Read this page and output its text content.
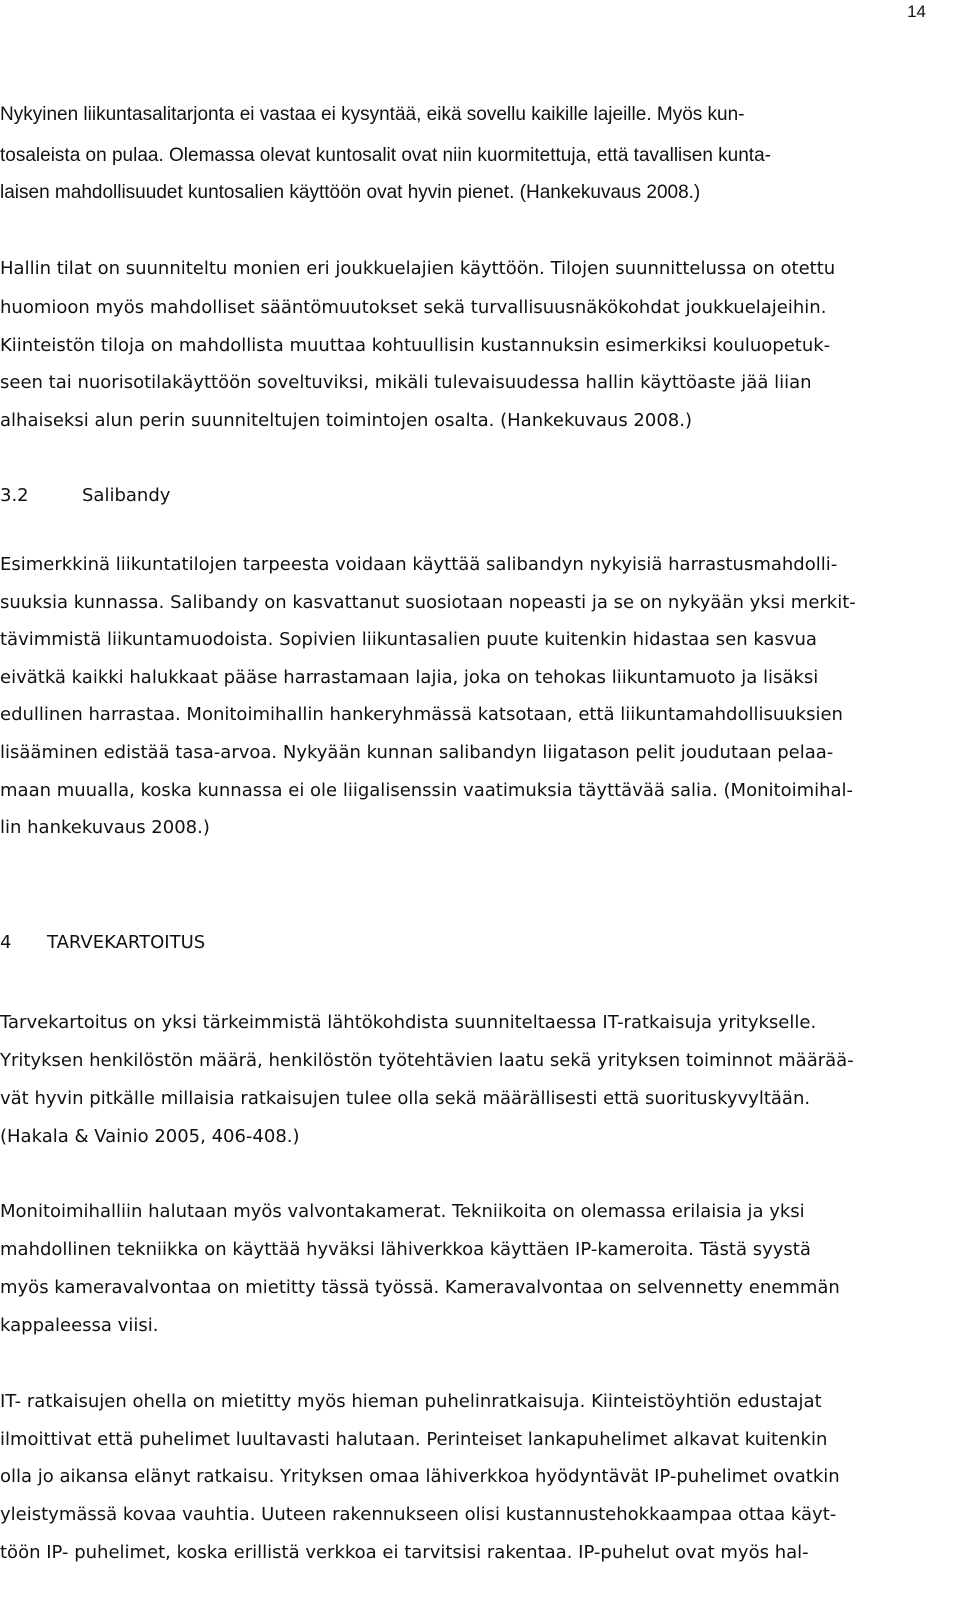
14
Nykyinen liikuntasalitarjonta ei vastaa ei kysyntää, eikä sovellu kaikille lajeille. Myös kun-
tosaleista on pulaa. Olemassa olevat kuntosalit ovat niin kuormitettuja, että tavallisen kunta-
laisen mahdollisuudet kuntosalien käyttöön ovat hyvin pienet. (Hankekuvaus 2008.)
Hallin tilat on suunniteltu monien eri joukkuelajien käyttöön. Tilojen suunnittelussa on otettu
huomioon myös mahdolliset sääntömuutokset sekä turvallisuusnäkökohdat joukkuelajeihin.
Kiinteistön tiloja on mahdollista muuttaa kohtuullisin kustannuksin esimerkiksi kouluopetuk-
seen tai nuorisotilakäyttöön soveltuviksi, mikäli tulevaisuudessa hallin käyttöaste jää liian
alhaiseksi alun perin suunniteltujen toimintojen osalta. (Hankekuvaus 2008.)
3.2	Salibandy
Esimerkkinä liikuntatilojen tarpeesta voidaan käyttää salibandyn nykyisiä harrastusmahdolli-
suuksia kunnassa. Salibandy on kasvattanut suosiotaan nopeasti ja se on nykyään yksi merkit-
tävimmistä liikuntamuodoista. Sopivien liikuntasalien puute kuitenkin hidastaa sen kasvua
eivätkä kaikki halukkaat pääse harrastamaan lajia, joka on tehokas liikuntamuoto ja lisäksi
edullinen harrastaa. Monitoimihallin hankeryhmässä katsotaan, että liikuntamahdollisuuksien
lisääminen edistää tasa-arvoa. Nykyään kunnan salibandyn liigatason pelit joudutaan pelaa-
maan muualla, koska kunnassa ei ole liigalisenssin vaatimuksia täyttävää salia. (Monitoimihal-
lin hankekuvaus 2008.)
4 TARVEKARTOITUS
Tarvekartoitus on yksi tärkeimmistä lähtökohdista suunniteltaessa IT-ratkaisuja yritykselle.
Yrityksen henkilöstön määrä, henkilöstön työtehtävien laatu sekä yrityksen toiminnot määrää-
vät hyvin pitkälle millaisia ratkaisujen tulee olla sekä määrällisesti että suorituskyvyltään.
(Hakala & Vainio 2005, 406-408.)
Monitoimihalliin halutaan myös valvontakamerat. Tekniikoita on olemassa erilaisia ja yksi
mahdollinen tekniikka on käyttää hyväksi lähiverkkoa käyttäen IP-kameroita. Tästä syystä
myös kameravalvontaa on mietitty tässä työssä. Kameravalvontaa on selvennetty enemmän
kappaleessa viisi.
IT- ratkaisujen ohella on mietitty myös hieman puhelinratkaisuja. Kiinteistöyhtiön edustajat
ilmoittivat että puhelimet luultavasti halutaan. Perinteiset lankapuhelimet alkavat kuitenkin
olla jo aikansa elänyt ratkaisu. Yrityksen omaa lähiverkkoa hyödyntävät IP-puhelimet ovatkin
yleistymässä kovaa vauhtia. Uuteen rakennukseen olisi kustannustehokkaampaa ottaa käyt-
töön IP- puhelimet, koska erillistä verkkoa ei tarvitsisi rakentaa. IP-puhelut ovat myös hal-
